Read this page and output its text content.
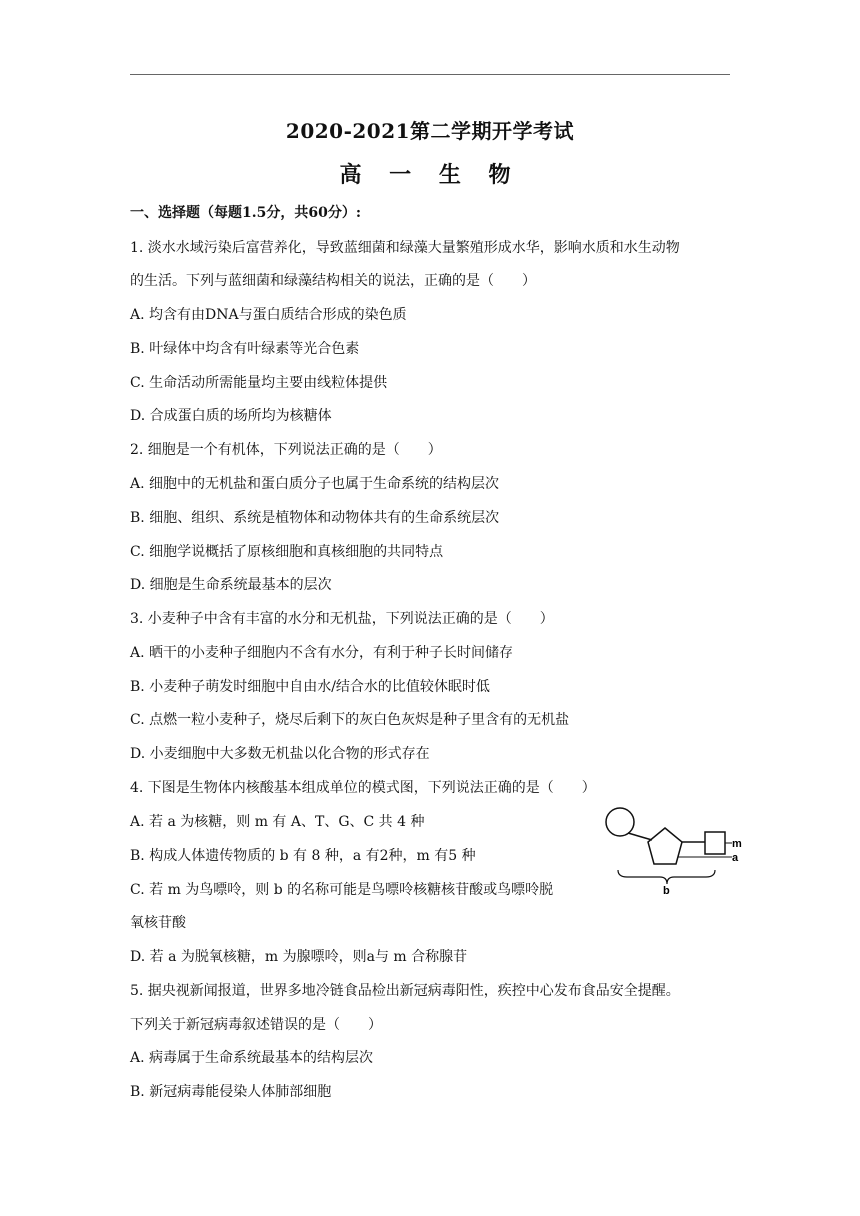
2020-2021第二学期开学考试
高 一 生 物
一、选择题（每题1.5分，共60分）:
1. 淡水水域污染后富营养化，导致蓝细菌和绿藻大量繁殖形成水华，影响水质和水生动物
的生活。下列与蓝细菌和绿藻结构相关的说法，正确的是（　　）
A. 均含有由DNA与蛋白质结合形成的染色质
B. 叶绿体中均含有叶绿素等光合色素
C. 生命活动所需能量均主要由线粒体提供
D. 合成蛋白质的场所均为核糖体
2. 细胞是一个有机体，下列说法正确的是（　　）
A. 细胞中的无机盐和蛋白质分子也属于生命系统的结构层次
B. 细胞、组织、系统是植物体和动物体共有的生命系统层次
C. 细胞学说概括了原核细胞和真核细胞的共同特点
D. 细胞是生命系统最基本的层次
3. 小麦种子中含有丰富的水分和无机盐，下列说法正确的是（　　）
A. 晒干的小麦种子细胞内不含有水分，有利于种子长时间储存
B. 小麦种子萌发时细胞中自由水/结合水的比值较休眠时低
C. 点燃一粒小麦种子，烧尽后剩下的灰白色灰烬是种子里含有的无机盐
D. 小麦细胞中大多数无机盐以化合物的形式存在
4. 下图是生物体内核酸基本组成单位的模式图，下列说法正确的是（　　）
A. 若 a 为核糖，则 m 有 A、T、G、C 共 4 种
B. 构成人体遗传物质的 b 有 8 种，a 有2种，m 有5 种
C. 若 m 为鸟嘌呤，则 b 的名称可能是鸟嘌呤核糖核苷酸或鸟嘌呤脱
氧核苷酸
D. 若 a 为脱氧核糖，m 为腺嘌呤，则a与 m 合称腺苷
5. 据央视新闻报道，世界多地冷链食品检出新冠病毒阳性，疾控中心发布食品安全提醒。
下列关于新冠病毒叙述错误的是（　　）
A. 病毒属于生命系统最基本的结构层次
B. 新冠病毒能侵染人体肺部细胞
m
a
b
